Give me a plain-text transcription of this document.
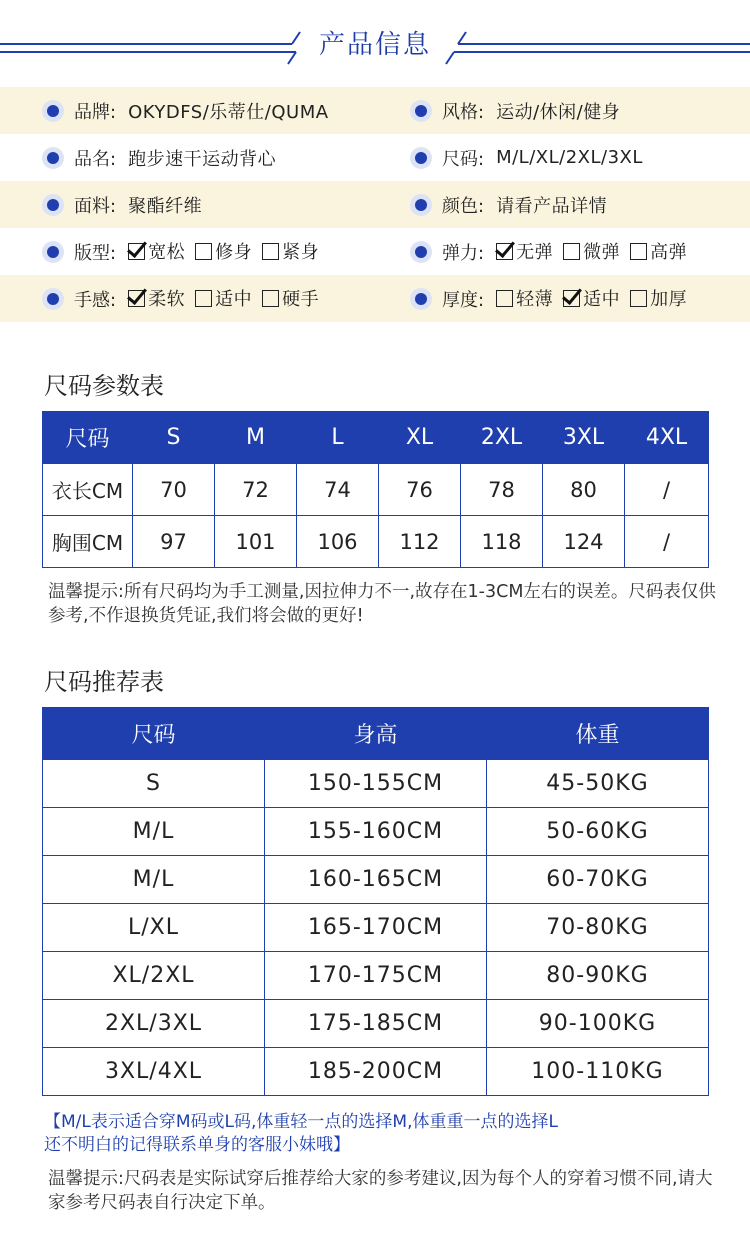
产品信息
品牌: OKYDFS/乐蒂仕/QUMA	风格: 运动/休闲/健身
品名: 跑步速干运动背心	尺码: M/L/XL/2XL/3XL
面料: 聚酯纤维	颜色: 请看产品详情
版型: 宽松 修身 紧身	弹力: 无弹 微弹 高弹
手感: 柔软 适中 硬手	厚度: 轻薄 适中 加厚
尺码参数表
尺码	S	M	L	XL	2XL	3XL	4XL
衣长CM	70	72	74	76	78	80	/
胸围CM	97	101	106	112	118	124	/
温馨提示:所有尺码均为手工测量,因拉伸力不一,故存在1-3CM左右的误差。尺码表仅供参考,不作退换货凭证,我们将会做的更好!
尺码推荐表
尺码	身高	体重
S	150-155CM	45-50KG
M/L	155-160CM	50-60KG
M/L	160-165CM	60-70KG
L/XL	165-170CM	70-80KG
XL/2XL	170-175CM	80-90KG
2XL/3XL	175-185CM	90-100KG
3XL/4XL	185-200CM	100-110KG
【M/L表示适合穿M码或L码,体重轻一点的选择M,体重重一点的选择L
还不明白的记得联系单身的客服小妹哦】
温馨提示:尺码表是实际试穿后推荐给大家的参考建议,因为每个人的穿着习惯不同,请大家参考尺码表自行决定下单。
